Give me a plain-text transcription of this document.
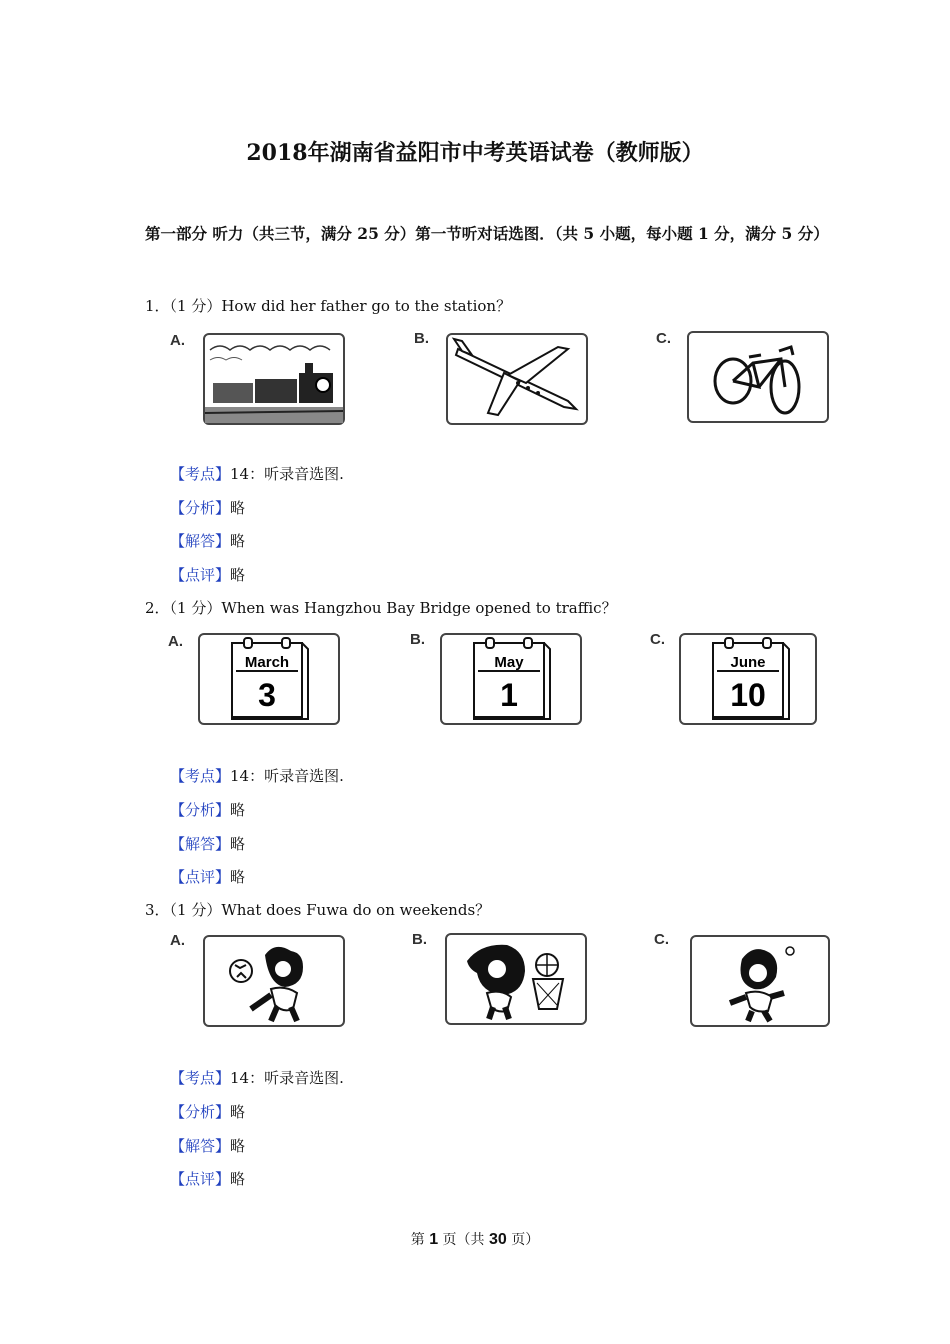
2018年湖南省益阳市中考英语试卷（教师版）
第一部分 听力（共三节，满分 25 分）第一节听对话选图．（共 5 小题，每小题 1 分，满分 5 分）
1．（1 分）How did her father go to the station？
A.	B.	C.
【考点】14：听录音选图.
【分析】略
【解答】略
【点评】略
2．（1 分）When was Hangzhou Bay Bridge opened to traffic？
A.	B.	C.
March
3
May
1
June
10
【考点】14：听录音选图.
【分析】略
【解答】略
【点评】略
3．（1 分）What does Fuwa do on weekends？
A.	B.	C.
【考点】14：听录音选图.
【分析】略
【解答】略
【点评】略
第 1 页（共 30 页）
